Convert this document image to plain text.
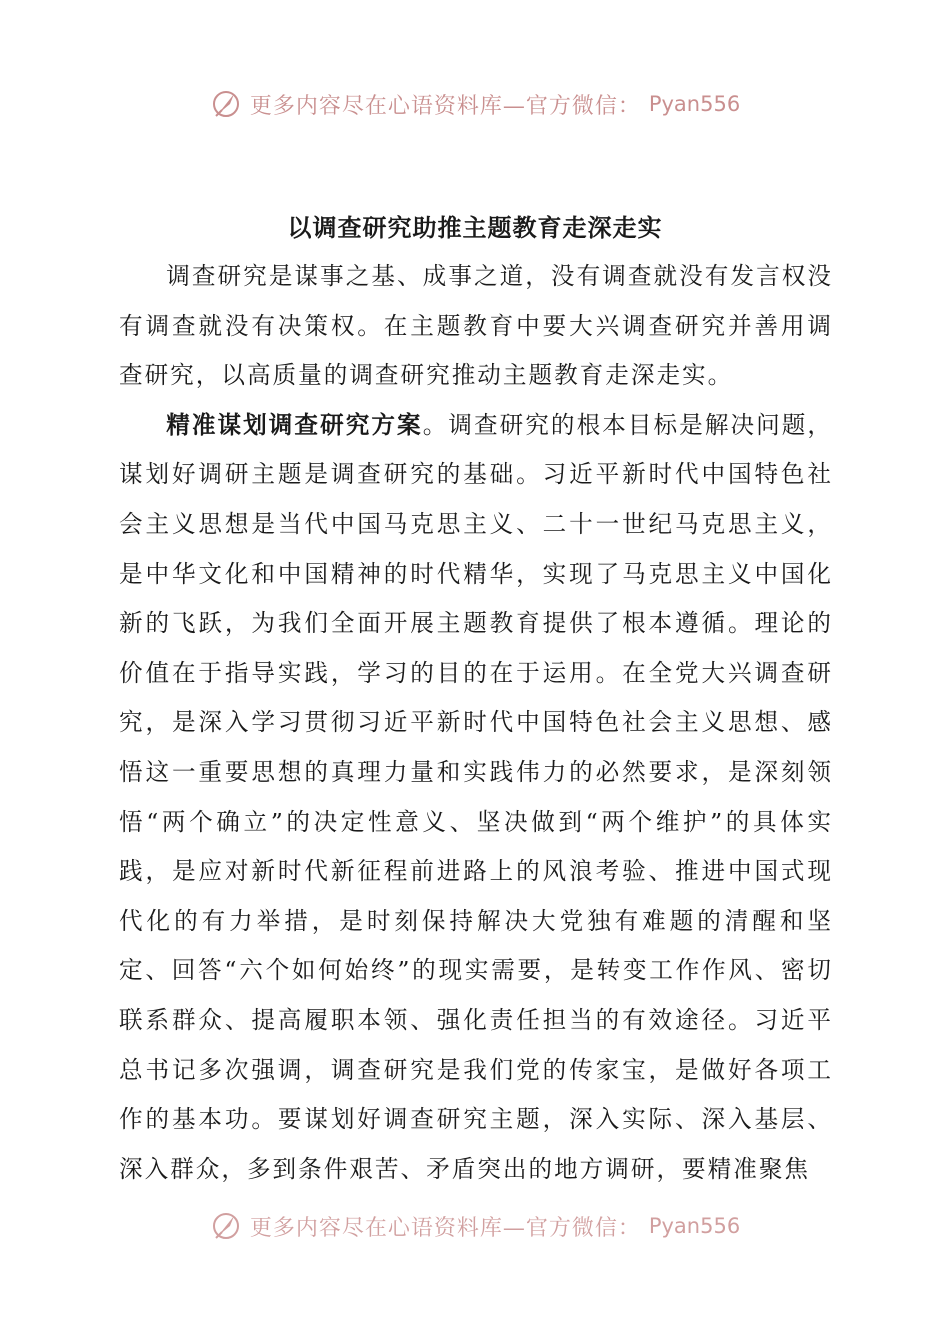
更多内容尽在心语资料库—官方微信： Pyan556
以调查研究助推主题教育走深走实

调查研究是谋事之基、成事之道，没有调查就没有发言权没有调查就没有决策权。在主题教育中要大兴调查研究并善用调查研究，以高质量的调查研究推动主题教育走深走实。

精准谋划调查研究方案。调查研究的根本目标是解决问题，谋划好调研主题是调查研究的基础。习近平新时代中国特色社会主义思想是当代中国马克思主义、二十一世纪马克思主义，是中华文化和中国精神的时代精华，实现了马克思主义中国化新的飞跃，为我们全面开展主题教育提供了根本遵循。理论的价值在于指导实践，学习的目的在于运用。在全党大兴调查研究，是深入学习贯彻习近平新时代中国特色社会主义思想、感悟这一重要思想的真理力量和实践伟力的必然要求，是深刻领悟“两个确立”的决定性意义、坚决做到“两个维护”的具体实践，是应对新时代新征程前进路上的风浪考验、推进中国式现代化的有力举措，是时刻保持解决大党独有难题的清醒和坚定、回答“六个如何始终”的现实需要，是转变工作作风、密切联系群众、提高履职本领、强化责任担当的有效途径。习近平总书记多次强调，调查研究是我们党的传家宝，是做好各项工作的基本功。要谋划好调查研究主题，深入实际、深入基层、深入群众，多到条件艰苦、矛盾突出的地方调研，要精准聚焦

更多内容尽在心语资料库—官方微信： Pyan556
